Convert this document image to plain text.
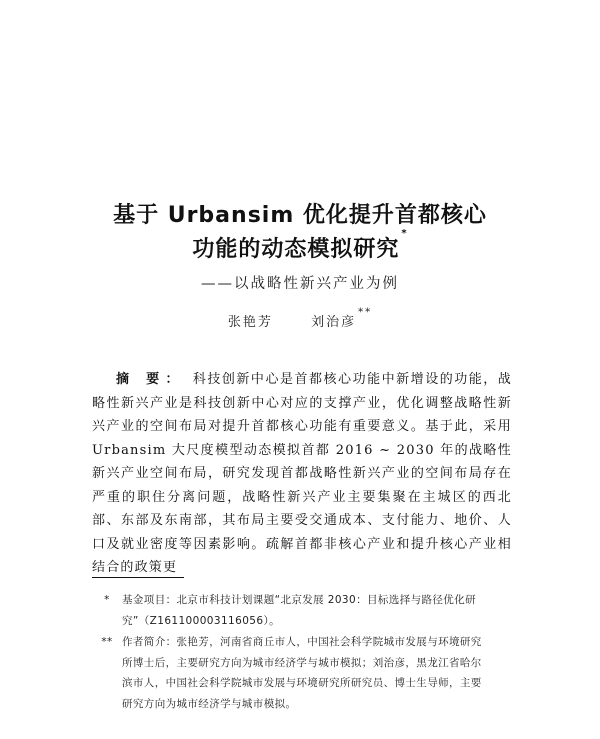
基于 Urbansim 优化提升首都核心
功能的动态模拟研究*
——以战略性新兴产业为例
张艳芳	刘治彦**
摘 要： 科技创新中心是首都核心功能中新增设的功能，战略性新兴产业是科技创新中心对应的支撑产业，优化调整战略性新兴产业的空间布局对提升首都核心功能有重要意义。基于此，采用 Urbansim 大尺度模型动态模拟首都 2016 ~ 2030 年的战略性新兴产业空间布局，研究发现首都战略性新兴产业的空间布局存在严重的职住分离问题，战略性新兴产业主要集聚在主城区的西北部、东部及东南部，其布局主要受交通成本、支付能力、地价、人口及就业密度等因素影响。疏解首都非核心产业和提升核心产业相结合的政策更
* 基金项目：北京市科技计划课题“北京发展 2030：目标选择与路径优化研
究”（Z161100003116056）。
** 作者简介：张艳芳，河南省商丘市人，中国社会科学院城市发展与环境研究
所博士后，主要研究方向为城市经济学与城市模拟；刘治彦，黑龙江省哈尔
滨市人，中国社会科学院城市发展与环境研究所研究员、博士生导师，主要
研究方向为城市经济学与城市模拟。
